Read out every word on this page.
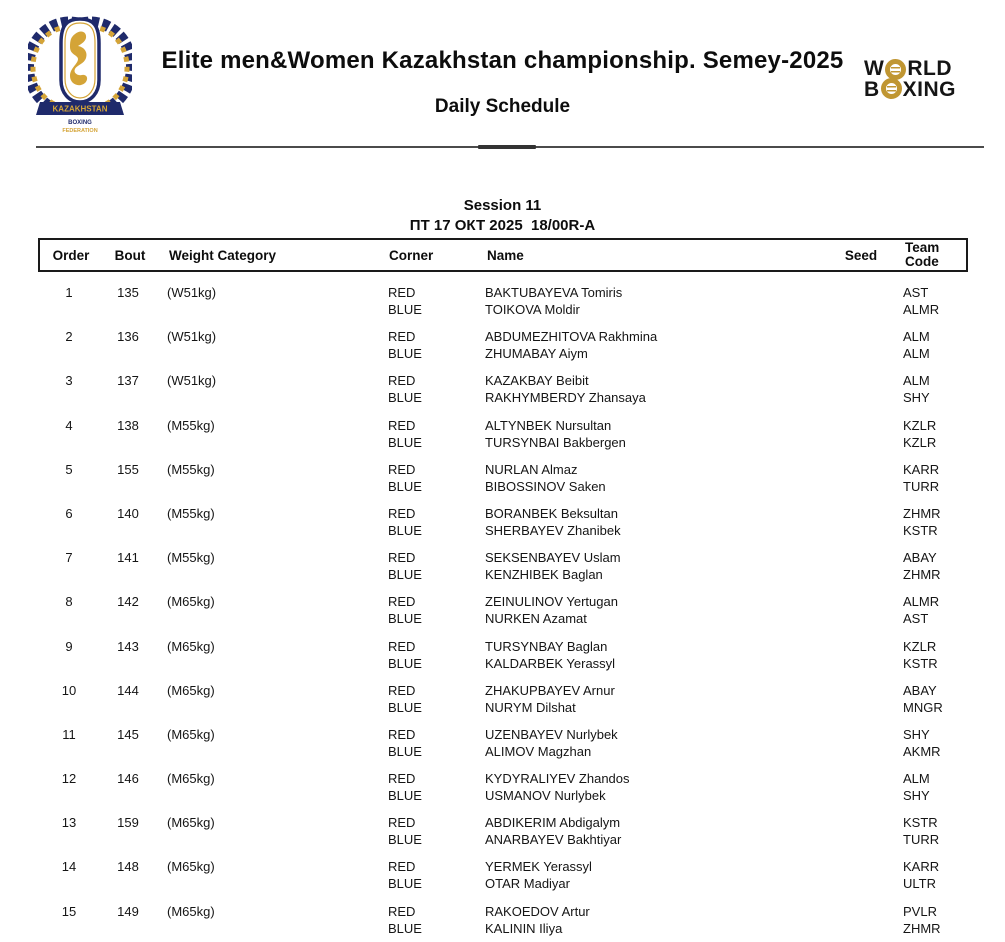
KAZAKHSTAN
BOXING
FEDERATION
Elite men&Women Kazakhstan championship. Semey-2025
Daily Schedule
W RLD
B XING
Session 11
ПТ 17 ОКТ 2025  18/00R-A
Order	Bout	Weight Category	Corner	Name	Seed	Team Code
1	135	(W51kg)	RED	BAKTUBAYEVA Tomiris	AST
BLUE	TOIKOVA Moldir	ALMR
2	136	(W51kg)	RED	ABDUMEZHITOVA Rakhmina	ALM
BLUE	ZHUMABAY Aiym	ALM
3	137	(W51kg)	RED	KAZAKBAY Beibit	ALM
BLUE	RAKHYMBERDY Zhansaya	SHY
4	138	(M55kg)	RED	ALTYNBEK Nursultan	KZLR
BLUE	TURSYNBAI Bakbergen	KZLR
5	155	(M55kg)	RED	NURLAN Almaz	KARR
BLUE	BIBOSSINOV Saken	TURR
6	140	(M55kg)	RED	BORANBEK Beksultan	ZHMR
BLUE	SHERBAYEV Zhanibek	KSTR
7	141	(M55kg)	RED	SEKSENBAYEV Uslam	ABAY
BLUE	KENZHIBEK Baglan	ZHMR
8	142	(M65kg)	RED	ZEINULINOV Yertugan	ALMR
BLUE	NURKEN Azamat	AST
9	143	(M65kg)	RED	TURSYNBAY Baglan	KZLR
BLUE	KALDARBEK Yerassyl	KSTR
10	144	(M65kg)	RED	ZHAKUPBAYEV Arnur	ABAY
BLUE	NURYM Dilshat	MNGR
11	145	(M65kg)	RED	UZENBAYEV Nurlybek	SHY
BLUE	ALIMOV Magzhan	AKMR
12	146	(M65kg)	RED	KYDYRALIYEV Zhandos	ALM
BLUE	USMANOV Nurlybek	SHY
13	159	(M65kg)	RED	ABDIKERIM Abdigalym	KSTR
BLUE	ANARBAYEV Bakhtiyar	TURR
14	148	(M65kg)	RED	YERMEK Yerassyl	KARR
BLUE	OTAR Madiyar	ULTR
15	149	(M65kg)	RED	RAKOEDOV Artur	PVLR
BLUE	KALININ Iliya	ZHMR
